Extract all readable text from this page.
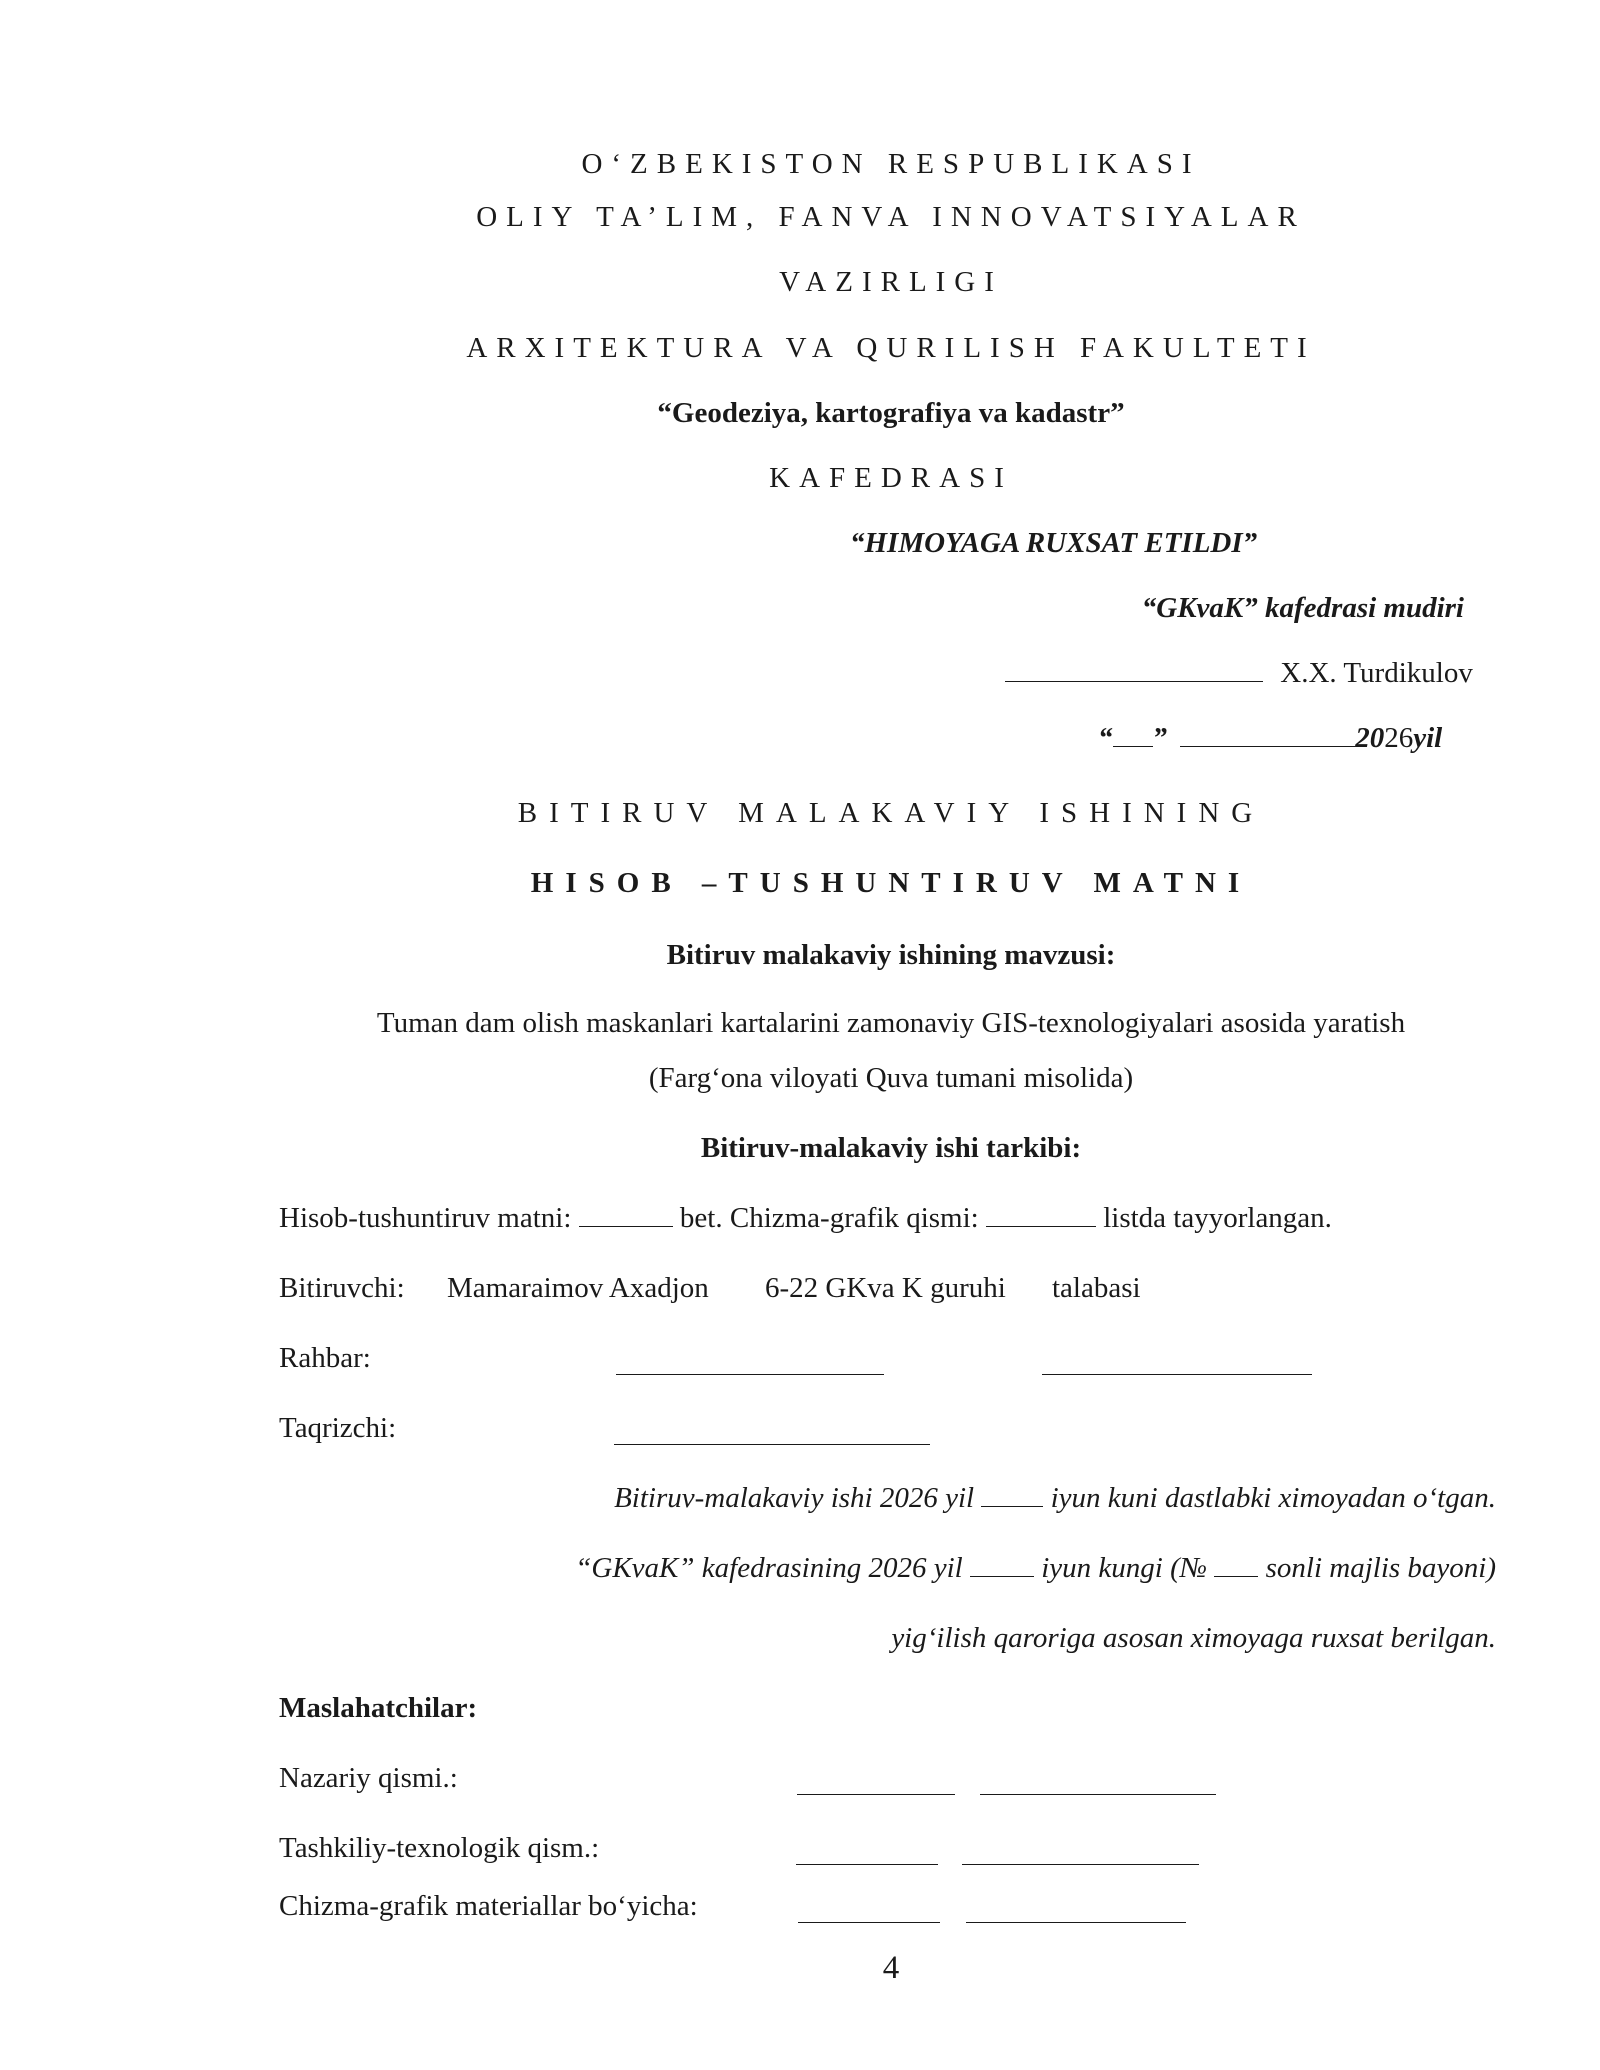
O‘ZBEKISTON RESPUBLIKASI
OLIY TA’LIM, FANVA INNOVATSIYALAR
VAZIRLIGI
ARXITEKTURA VA QURILISH FAKULTETI
“Geodeziya, kartografiya va kadastr”
KAFEDRASI
“HIMOYAGA RUXSAT ETILDI”
“GKvaK” kafedrasi mudiri
X.X. Turdikulov
“ ”	2026yil
BITIRUV MALAKAVIY ISHINING
HISOB –TUSHUNTIRUV MATNI
Bitiruv malakaviy ishining mavzusi:
Tuman dam olish maskanlari kartalarini zamonaviy GIS-texnologiyalari asosida yaratish
(Farg‘ona viloyati Quva tumani misolida)
Bitiruv-malakaviy ishi tarkibi:
Hisob-tushuntiruv matni:	bet. Chizma-grafik qismi:	listda tayyorlangan.
Bitiruvchi: Mamaraimov Axadjon 6-22 GKva K guruhi talabasi
Rahbar:
Taqrizchi:
Bitiruv-malakaviy ishi 2026 yil	iyun kuni dastlabki ximoyadan o‘tgan.
“GKvaK” kafedrasining 2026 yil	iyun kungi (№ sonli majlis bayoni)
yig‘ilish qaroriga asosan ximoyaga ruxsat berilgan.
Maslahatchilar:
Nazariy qismi.:
Tashkiliy-texnologik qism.:
Chizma-grafik materiallar bo‘yicha:
4
